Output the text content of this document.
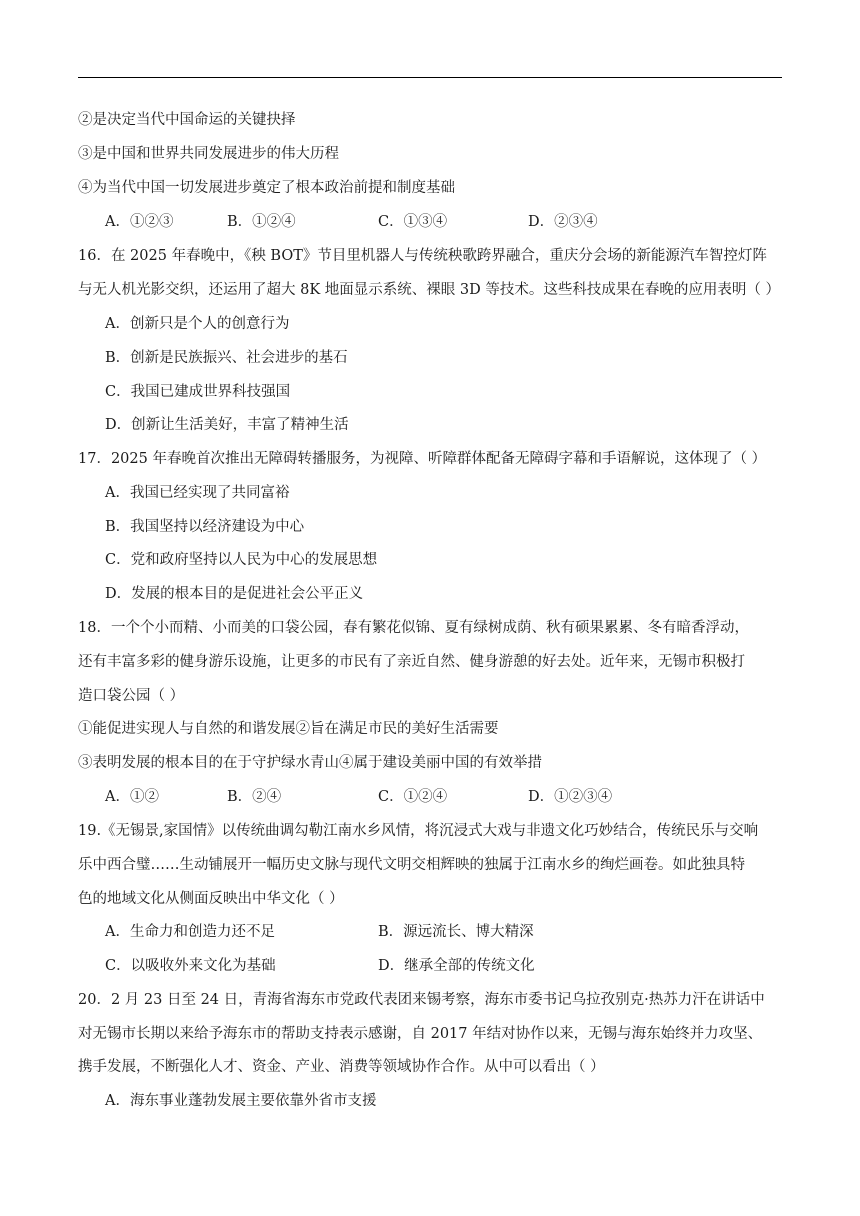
②是决定当代中国命运的关键抉择
③是中国和世界共同发展进步的伟大历程
④为当代中国一切发展进步奠定了根本政治前提和制度基础
A．①②③	B．①②④	C．①③④	D．②③④
16．在 2025 年春晚中，《秧 BOT》节目里机器人与传统秧歌跨界融合，重庆分会场的新能源汽车智控灯阵
与无人机光影交织，还运用了超大 8K 地面显示系统、裸眼 3D 等技术。这些科技成果在春晚的应用表明（ ）
A．创新只是个人的创意行为
B．创新是民族振兴、社会进步的基石
C．我国已建成世界科技强国
D．创新让生活美好，丰富了精神生活
17．2025 年春晚首次推出无障碍转播服务，为视障、听障群体配备无障碍字幕和手语解说，这体现了（ ）
A．我国已经实现了共同富裕
B．我国坚持以经济建设为中心
C．党和政府坚持以人民为中心的发展思想
D．发展的根本目的是促进社会公平正义
18．一个个小而精、小而美的口袋公园，春有繁花似锦、夏有绿树成荫、秋有硕果累累、冬有暗香浮动，
还有丰富多彩的健身游乐设施，让更多的市民有了亲近自然、健身游憩的好去处。近年来，无锡市积极打
造口袋公园（ ）
①能促进实现人与自然的和谐发展②旨在满足市民的美好生活需要
③表明发展的根本目的在于守护绿水青山④属于建设美丽中国的有效举措
A．①②	B．②④	C．①②④	D．①②③④
19.《无锡景,家国情》以传统曲调勾勒江南水乡风情，将沉浸式大戏与非遗文化巧妙结合，传统民乐与交响
乐中西合璧……生动铺展开一幅历史文脉与现代文明交相辉映的独属于江南水乡的绚烂画卷。如此独具特
色的地域文化从侧面反映出中华文化（ ）
A．生命力和创造力还不足	B．源远流长、博大精深
C．以吸收外来文化为基础	D．继承全部的传统文化
20．2 月 23 日至 24 日，青海省海东市党政代表团来锡考察，海东市委书记乌拉孜别克·热苏力汗在讲话中
对无锡市长期以来给予海东市的帮助支持表示感谢，自 2017 年结对协作以来，无锡与海东始终并力攻坚、
携手发展，不断强化人才、资金、产业、消费等领域协作合作。从中可以看出（ ）
A．海东事业蓬勃发展主要依靠外省市支援
